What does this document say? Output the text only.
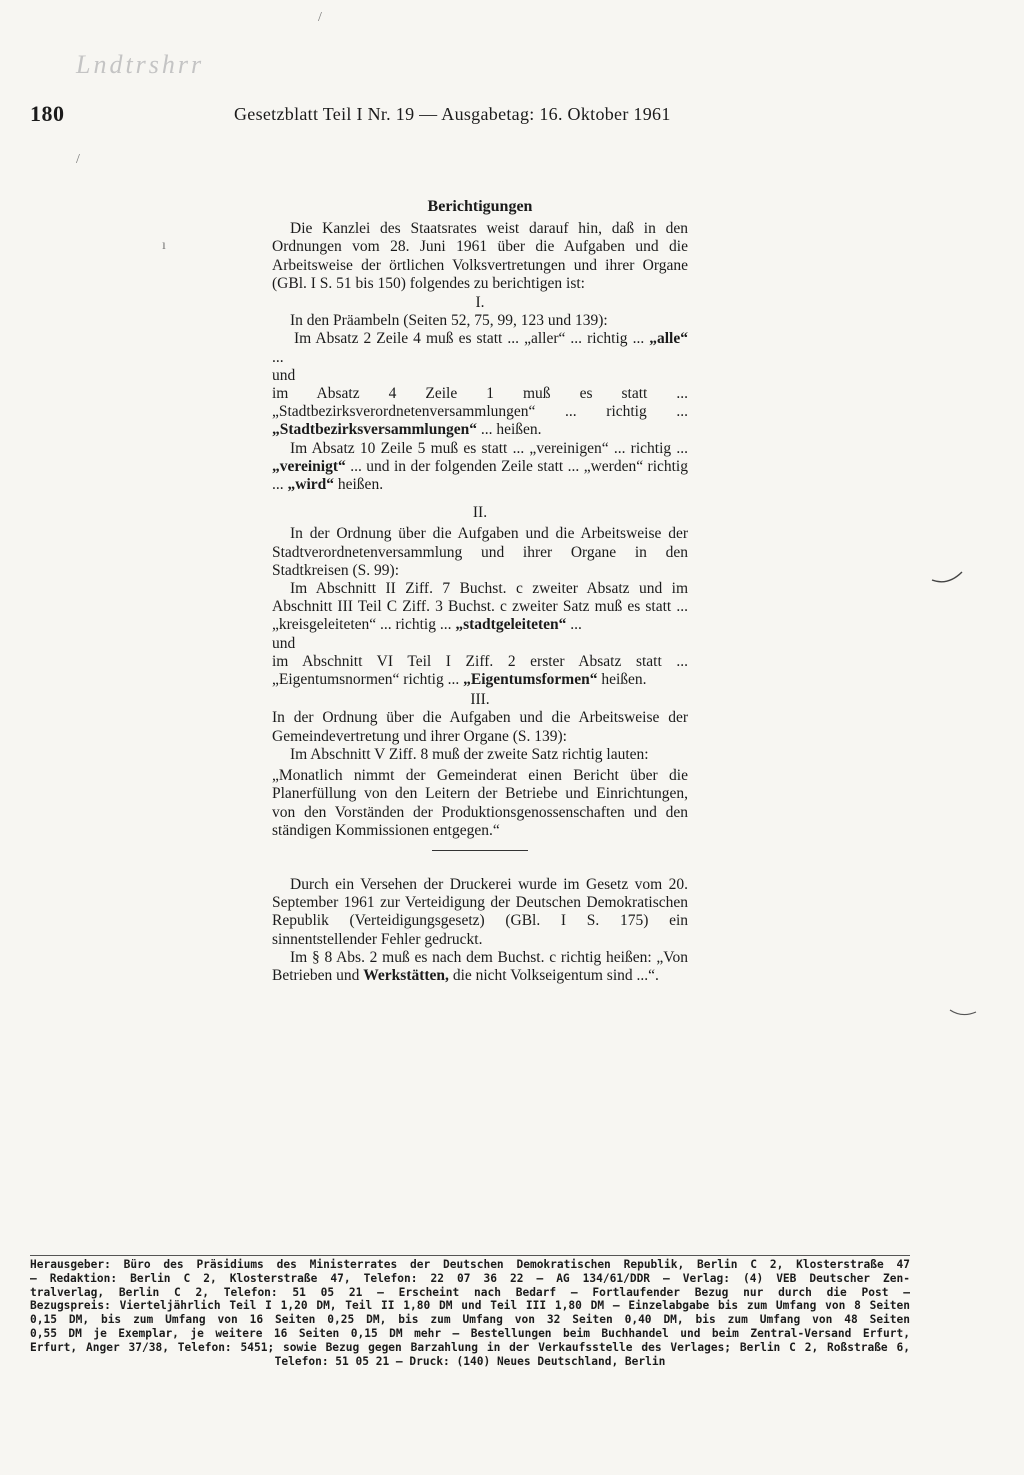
Lndtrshrr
/
/
ı
180	Gesetzblatt Teil I Nr. 19 — Ausgabetag: 16. Oktober 1961

Berichtigungen

Die Kanzlei des Staatsrates weist darauf hin, daß in den Ordnungen vom 28. Juni 1961 über die Aufgaben und die Arbeitsweise der örtlichen Volksvertretungen und ihrer Organe (GBl. I S. 51 bis 150) folgendes zu berichtigen ist:

I.

In den Präambeln (Seiten 52, 75, 99, 123 und 139):

Im Absatz 2 Zeile 4 muß es statt ... „aller“ ... richtig ... „alle“ ...

und

im Absatz 4 Zeile 1 muß es statt ... „Stadtbezirksverordnetenversammlungen“ ... richtig ... „Stadtbezirksversammlungen“ ... heißen.

Im Absatz 10 Zeile 5 muß es statt ... „vereinigen“ ... richtig ... „vereinigt“ ... und in der folgenden Zeile statt ... „werden“ richtig ... „wird“ heißen.

II.

In der Ordnung über die Aufgaben und die Arbeitsweise der Stadtverordnetenversammlung und ihrer Organe in den Stadtkreisen (S. 99):

Im Abschnitt II Ziff. 7 Buchst. c zweiter Absatz und im Abschnitt III Teil C Ziff. 3 Buchst. c zweiter Satz muß es statt ... „kreisgeleiteten“ ... richtig ... „stadtgeleiteten“ ...

und

im Abschnitt VI Teil I Ziff. 2 erster Absatz statt ... „Eigentumsnormen“ richtig ... „Eigentumsformen“ heißen.

III.

In der Ordnung über die Aufgaben und die Arbeitsweise der Gemeindevertretung und ihrer Organe (S. 139):

Im Abschnitt V Ziff. 8 muß der zweite Satz richtig lauten:

„Monatlich nimmt der Gemeinderat einen Bericht über die Planerfüllung von den Leitern der Betriebe und Einrichtungen, von den Vorständen der Produktionsgenossenschaften und den ständigen Kommissionen entgegen.“

Durch ein Versehen der Druckerei wurde im Gesetz vom 20. September 1961 zur Verteidigung der Deutschen Demokratischen Republik (Verteidigungsgesetz) (GBl. I S. 175) ein sinnentstellender Fehler gedruckt.

Im § 8 Abs. 2 muß es nach dem Buchst. c richtig heißen: „Von Betrieben und Werkstätten, die nicht Volkseigentum sind ...“.

Herausgeber: Büro des Präsidiums des Ministerrates der Deutschen Demokratischen Republik, Berlin C 2, Klosterstraße 47
— Redaktion: Berlin C 2, Klosterstraße 47, Telefon: 22 07 36 22 — AG 134/61/DDR — Verlag: (4) VEB Deutscher Zen-
tralverlag, Berlin C 2, Telefon: 51 05 21 — Erscheint nach Bedarf — Fortlaufender Bezug nur durch die Post —
Bezugspreis: Vierteljährlich Teil I 1,20 DM, Teil II 1,80 DM und Teil III 1,80 DM — Einzelabgabe bis zum Umfang von 8 Seiten
0,15 DM, bis zum Umfang von 16 Seiten 0,25 DM, bis zum Umfang von 32 Seiten 0,40 DM, bis zum Umfang von 48 Seiten
0,55 DM je Exemplar, je weitere 16 Seiten 0,15 DM mehr — Bestellungen beim Buchhandel und beim Zentral-Versand Erfurt,
Erfurt, Anger 37/38, Telefon: 5451; sowie Bezug gegen Barzahlung in der Verkaufsstelle des Verlages; Berlin C 2, Roßstraße 6,
Telefon: 51 05 21 — Druck: (140) Neues Deutschland, Berlin
